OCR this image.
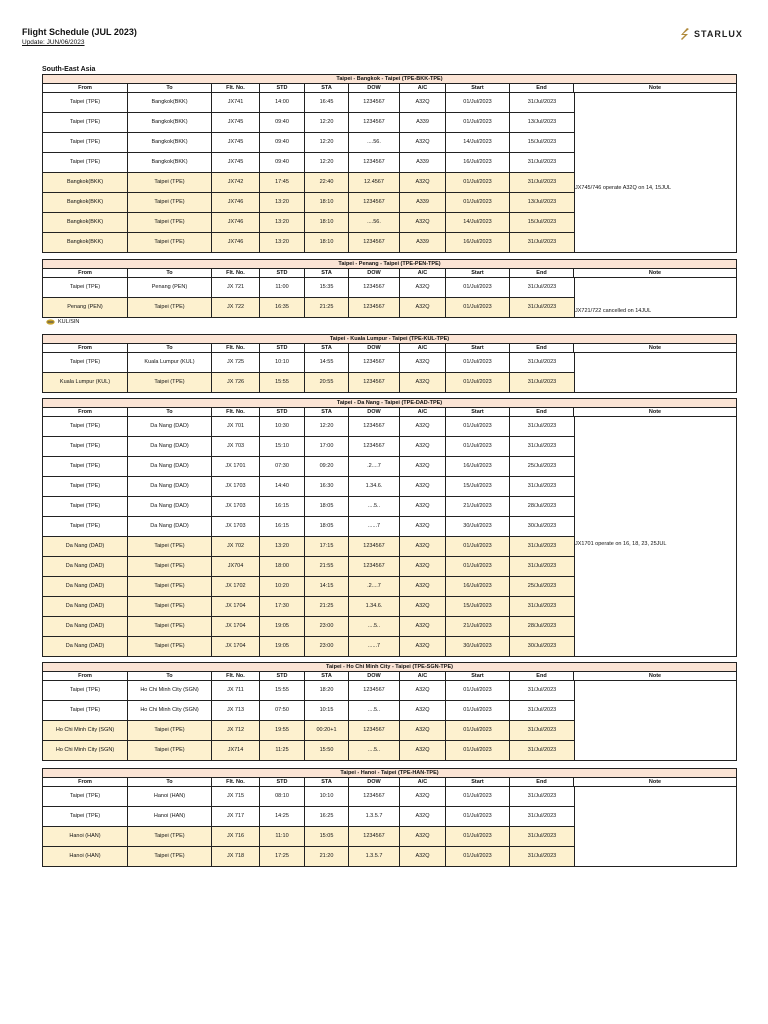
Flight Schedule (JUL 2023)
Update: JUN/06/2023
STARLUX
South-East Asia
KUL/SIN
Taipei - Bangkok - Taipei (TPE-BKK-TPE)
From	To	Flt. No.	STD	STA	DOW	A/C	Start	End	Note
Taipei (TPE)	Bangkok(BKK)	JX741	14:00	16:45	1234567	A32Q	01/Jul/2023	31/Jul/2023
Taipei (TPE)	Bangkok(BKK)	JX745	09:40	12:20	1234567	A339	01/Jul/2023	13/Jul/2023
Taipei (TPE)	Bangkok(BKK)	JX745	09:40	12:20	....56.	A32Q	14/Jul/2023	15/Jul/2023
Taipei (TPE)	Bangkok(BKK)	JX745	09:40	12:20	1234567	A339	16/Jul/2023	31/Jul/2023
Bangkok(BKK)	Taipei (TPE)	JX742	17:45	22:40	12.4567	A32Q	01/Jul/2023	31/Jul/2023
Bangkok(BKK)	Taipei (TPE)	JX746	13:20	18:10	1234567	A339	01/Jul/2023	13/Jul/2023
Bangkok(BKK)	Taipei (TPE)	JX746	13:20	18:10	....56.	A32Q	14/Jul/2023	15/Jul/2023
Bangkok(BKK)	Taipei (TPE)	JX746	13:20	18:10	1234567	A339	16/Jul/2023	31/Jul/2023
JX745/746 operate A32Q on 14, 15JUL
Taipei - Penang - Taipei (TPE-PEN-TPE)
From	To	Flt. No.	STD	STA	DOW	A/C	Start	End	Note
Taipei (TPE)	Penang (PEN)	JX 721	11:00	15:35	1234567	A32Q	01/Jul/2023	31/Jul/2023
Penang (PEN)	Taipei (TPE)	JX 722	16:35	21:25	1234567	A32Q	01/Jul/2023	31/Jul/2023
JX721/722 cancelled on 14JUL
Taipei - Kuala Lumpur - Taipei (TPE-KUL-TPE)
From	To	Flt. No.	STD	STA	DOW	A/C	Start	End	Note
Taipei (TPE)	Kuala Lumpur (KUL)	JX 725	10:10	14:55	1234567	A32Q	01/Jul/2023	31/Jul/2023
Kuala Lumpur (KUL)	Taipei (TPE)	JX 726	15:55	20:55	1234567	A32Q	01/Jul/2023	31/Jul/2023
Taipei - Da Nang - Taipei (TPE-DAD-TPE)
From	To	Flt. No.	STD	STA	DOW	A/C	Start	End	Note
Taipei (TPE)	Da Nang (DAD)	JX 701	10:30	12:20	1234567	A32Q	01/Jul/2023	31/Jul/2023
Taipei (TPE)	Da Nang (DAD)	JX 703	15:10	17:00	1234567	A32Q	01/Jul/2023	31/Jul/2023
Taipei (TPE)	Da Nang (DAD)	JX 1701	07:30	09:20	.2....7	A32Q	16/Jul/2023	25/Jul/2023
Taipei (TPE)	Da Nang (DAD)	JX 1703	14:40	16:30	1.34.6.	A32Q	15/Jul/2023	31/Jul/2023
Taipei (TPE)	Da Nang (DAD)	JX 1703	16:15	18:05	....5..	A32Q	21/Jul/2023	28/Jul/2023
Taipei (TPE)	Da Nang (DAD)	JX 1703	16:15	18:05	......7	A32Q	30/Jul/2023	30/Jul/2023
Da Nang (DAD)	Taipei (TPE)	JX 702	13:20	17:15	1234567	A32Q	01/Jul/2023	31/Jul/2023
Da Nang (DAD)	Taipei (TPE)	JX704	18:00	21:55	1234567	A32Q	01/Jul/2023	31/Jul/2023
Da Nang (DAD)	Taipei (TPE)	JX 1702	10:20	14:15	.2....7	A32Q	16/Jul/2023	25/Jul/2023
Da Nang (DAD)	Taipei (TPE)	JX 1704	17:30	21:25	1.34.6.	A32Q	15/Jul/2023	31/Jul/2023
Da Nang (DAD)	Taipei (TPE)	JX 1704	19:05	23:00	....5..	A32Q	21/Jul/2023	28/Jul/2023
Da Nang (DAD)	Taipei (TPE)	JX 1704	19:05	23:00	......7	A32Q	30/Jul/2023	30/Jul/2023
JX1701 operate on 16, 18, 23, 25JUL
Taipei - Ho Chi Minh City - Taipei (TPE-SGN-TPE)
From	To	Flt. No.	STD	STA	DOW	A/C	Start	End	Note
Taipei (TPE)	Ho Chi Minh City (SGN)	JX 711	15:55	18:20	1234567	A32Q	01/Jul/2023	31/Jul/2023
Taipei (TPE)	Ho Chi Minh City (SGN)	JX 713	07:50	10:15	....5..	A32Q	01/Jul/2023	31/Jul/2023
Ho Chi Minh City (SGN)	Taipei (TPE)	JX 712	19:55	00:20+1	1234567	A32Q	01/Jul/2023	31/Jul/2023
Ho Chi Minh City (SGN)	Taipei (TPE)	JX714	11:25	15:50	....5..	A32Q	01/Jul/2023	31/Jul/2023
Taipei - Hanoi - Taipei (TPE-HAN-TPE)
From	To	Flt. No.	STD	STA	DOW	A/C	Start	End	Note
Taipei (TPE)	Hanoi (HAN)	JX 715	08:10	10:10	1234567	A32Q	01/Jul/2023	31/Jul/2023
Taipei (TPE)	Hanoi (HAN)	JX 717	14:25	16:25	1.3.5.7	A32Q	01/Jul/2023	31/Jul/2023
Hanoi (HAN)	Taipei (TPE)	JX 716	11:10	15:05	1234567	A32Q	01/Jul/2023	31/Jul/2023
Hanoi (HAN)	Taipei (TPE)	JX 718	17:25	21:20	1.3.5.7	A32Q	01/Jul/2023	31/Jul/2023
